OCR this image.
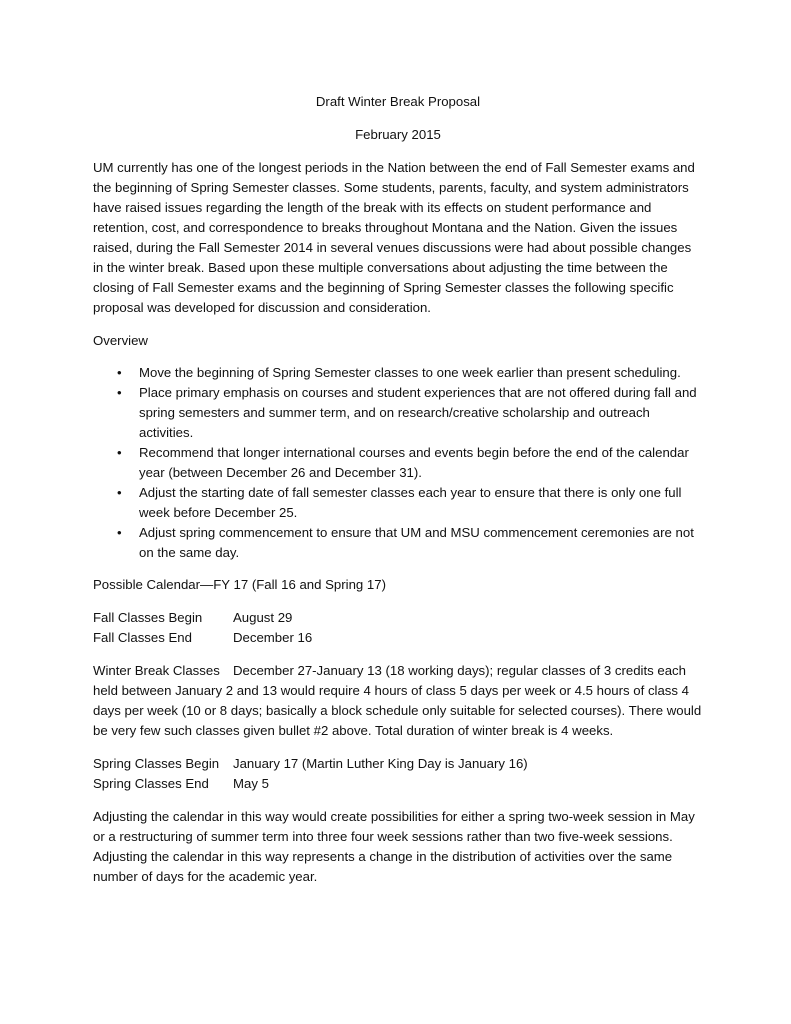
Draft Winter Break Proposal

February 2015

UM currently has one of the longest periods in the Nation between the end of Fall Semester exams and the beginning of Spring Semester classes. Some students, parents, faculty, and system administrators have raised issues regarding the length of the break with its effects on student performance and retention, cost, and correspondence to breaks throughout Montana and the Nation. Given the issues raised, during the Fall Semester 2014 in several venues discussions were had about possible changes in the winter break. Based upon these multiple conversations about adjusting the time between the closing of Fall Semester exams and the beginning of Spring Semester classes the following specific proposal was developed for discussion and consideration.

Overview

• Move the beginning of Spring Semester classes to one week earlier than present scheduling.
• Place primary emphasis on courses and student experiences that are not offered during fall and spring semesters and summer term, and on research/creative scholarship and outreach activities.
• Recommend that longer international courses and events begin before the end of the calendar year (between December 26 and December 31).
• Adjust the starting date of fall semester classes each year to ensure that there is only one full week before December 25.
• Adjust spring commencement to ensure that UM and MSU commencement ceremonies are not on the same day.

Possible Calendar—FY 17 (Fall 16 and Spring 17)

Fall Classes Begin	August 29
Fall Classes End	December 16

Winter Break Classes December 27-January 13 (18 working days); regular classes of 3 credits each held between January 2 and 13 would require 4 hours of class 5 days per week or 4.5 hours of class 4 days per week (10 or 8 days; basically a block schedule only suitable for selected courses). There would be very few such classes given bullet #2 above. Total duration of winter break is 4 weeks.

Spring Classes Begin	January 17 (Martin Luther King Day is January 16)
Spring Classes End	May 5

Adjusting the calendar in this way would create possibilities for either a spring two-week session in May or a restructuring of summer term into three four week sessions rather than two five-week sessions. Adjusting the calendar in this way represents a change in the distribution of activities over the same number of days for the academic year.
